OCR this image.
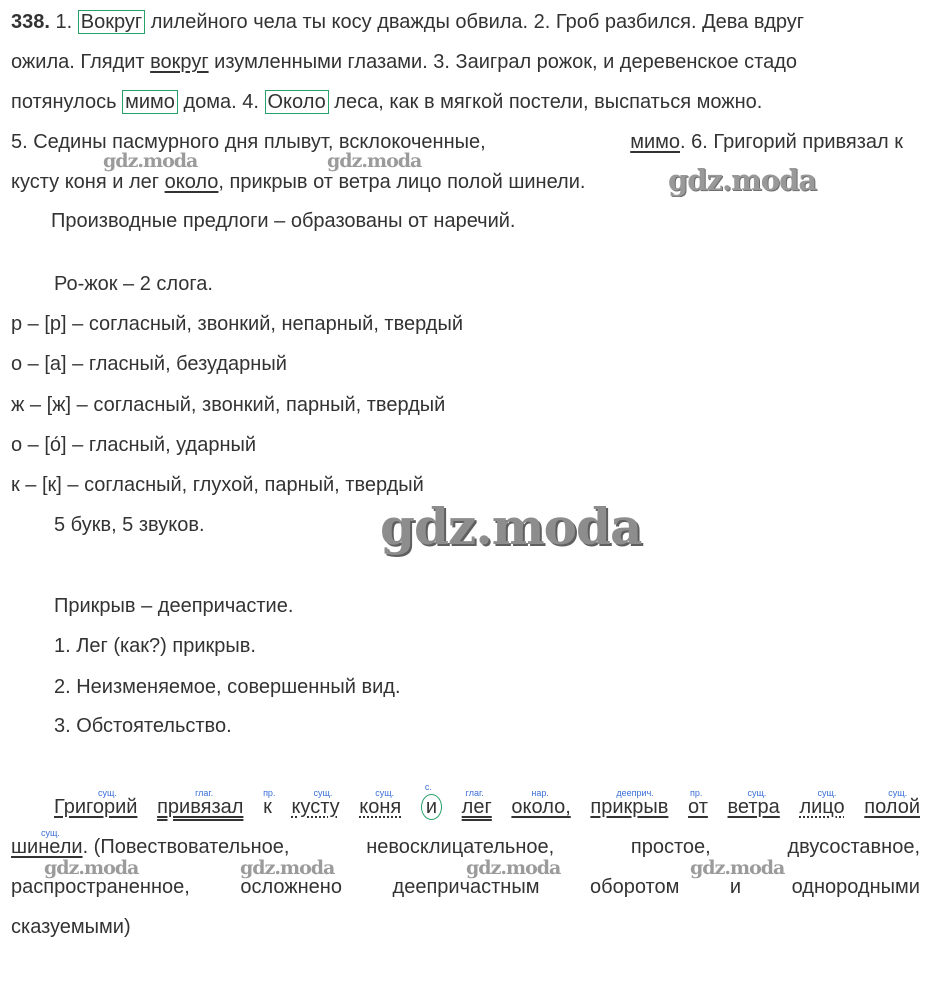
338. 1. Вокруг лилейного чела ты косу дважды обвила. 2. Гроб разбился. Дева вдруг
ожила. Глядит вокруг изумленными глазами. 3. Заиграл рожок, и деревенское стадо
потянулось мимо дома. 4. Около леса, как в мягкой постели, выспаться можно.
5. Седины пасмурного дня плывут, всклокоченные,	мимо. 6. Григорий привязал к
кусту коня и лег около, прикрыв от ветра лицо полой шинели.
Производные предлоги – образованы от наречий.
Ро-жок – 2 слога.
р – [р] – согласный, звонкий, непарный, твердый
о – [а] – гласный, безударный
ж – [ж] – согласный, звонкий, парный, твердый
о – [о́] – гласный, ударный
к – [к] – согласный, глухой, парный, твердый
5 букв, 5 звуков.
Прикрыв – деепричастие.
1. Лег (как?) прикрыв.
2. Неизменяемое, совершенный вид.
3. Обстоятельство.
сущ.
Григорий
глаг.
привязал
пр.
к
сущ.
кусту
сущ.
коня
с.
и
глаг.
лег
нар.
около,
дееприч.
прикрыв
пр.
от
сущ.
ветра
сущ.
лицо
сущ.
полой
сущ.
шинели. (Повествовательное,	невосклицательное,	простое,	двусоставное,
распространенное,	осложнено	деепричастным	оборотом	и	однородными
сказуемыми)
gdz.moda	gdz.moda
gdz.moda
gdz.moda
gdz.moda	gdz.moda	gdz.moda	gdz.moda
